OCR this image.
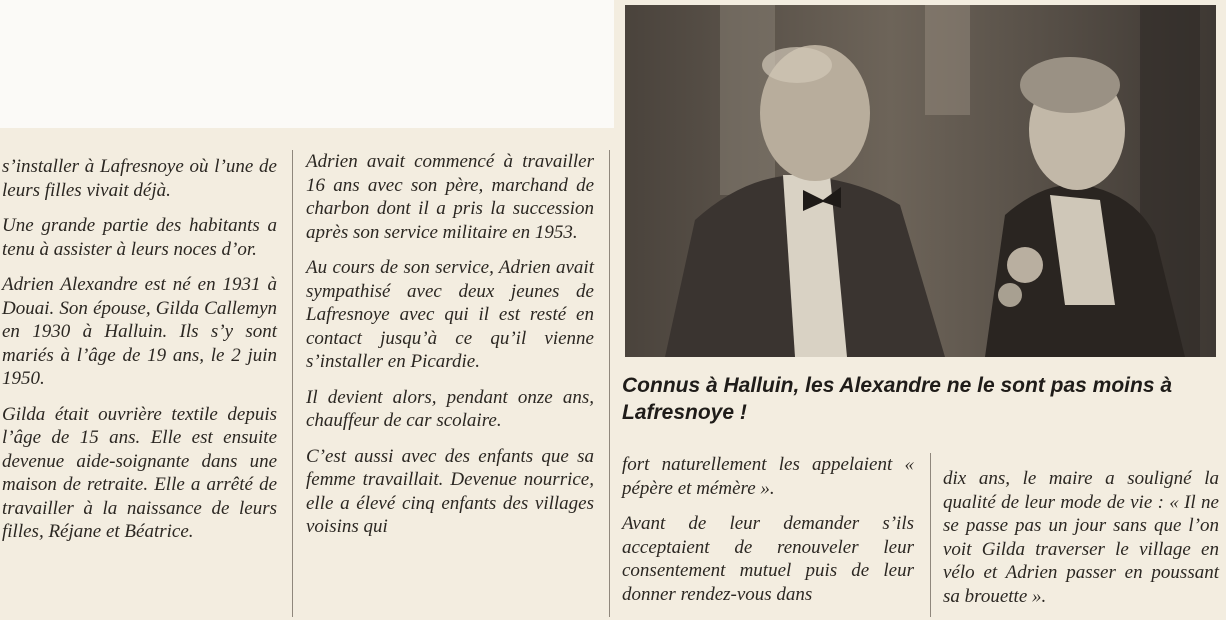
s’installer à Lafresnoye où l’une de leurs filles vivait déjà.

Une grande partie des habitants a tenu à assister à leurs noces d’or.

Adrien Alexandre est né en 1931 à Douai. Son épouse, Gilda Callemyn en 1930 à Halluin. Ils s’y sont mariés à l’âge de 19 ans, le 2 juin 1950.

Gilda était ouvrière textile depuis l’âge de 15 ans. Elle est ensuite devenue aide-soignante dans une maison de retraite. Elle a arrêté de travailler à la naissance de leurs filles, Réjane et Béatrice.

Adrien avait commencé à travailler 16 ans avec son père, marchand de charbon dont il a pris la succession après son service militaire en 1953.

Au cours de son service, Adrien avait sympathisé avec deux jeunes de Lafresnoye avec qui il est resté en contact jusqu’à ce qu’il vienne s’installer en Picardie.

Il devient alors, pendant onze ans, chauffeur de car scolaire.

C’est aussi avec des enfants que sa femme travaillait. Devenue nourrice, elle a élevé cinq enfants des villages voisins qui

Connus à Halluin, les Alexandre ne le sont pas moins à Lafresnoye !

fort naturellement les appelaient « pépère et mémère ».

Avant de leur demander s’ils acceptaient de renouveler leur consentement mutuel puis de leur donner rendez-vous dans

dix ans, le maire a souligné la qualité de leur mode de vie : « Il ne se passe pas un jour sans que l’on voit Gilda traverser le village en vélo et Adrien passer en poussant sa brouette ».
